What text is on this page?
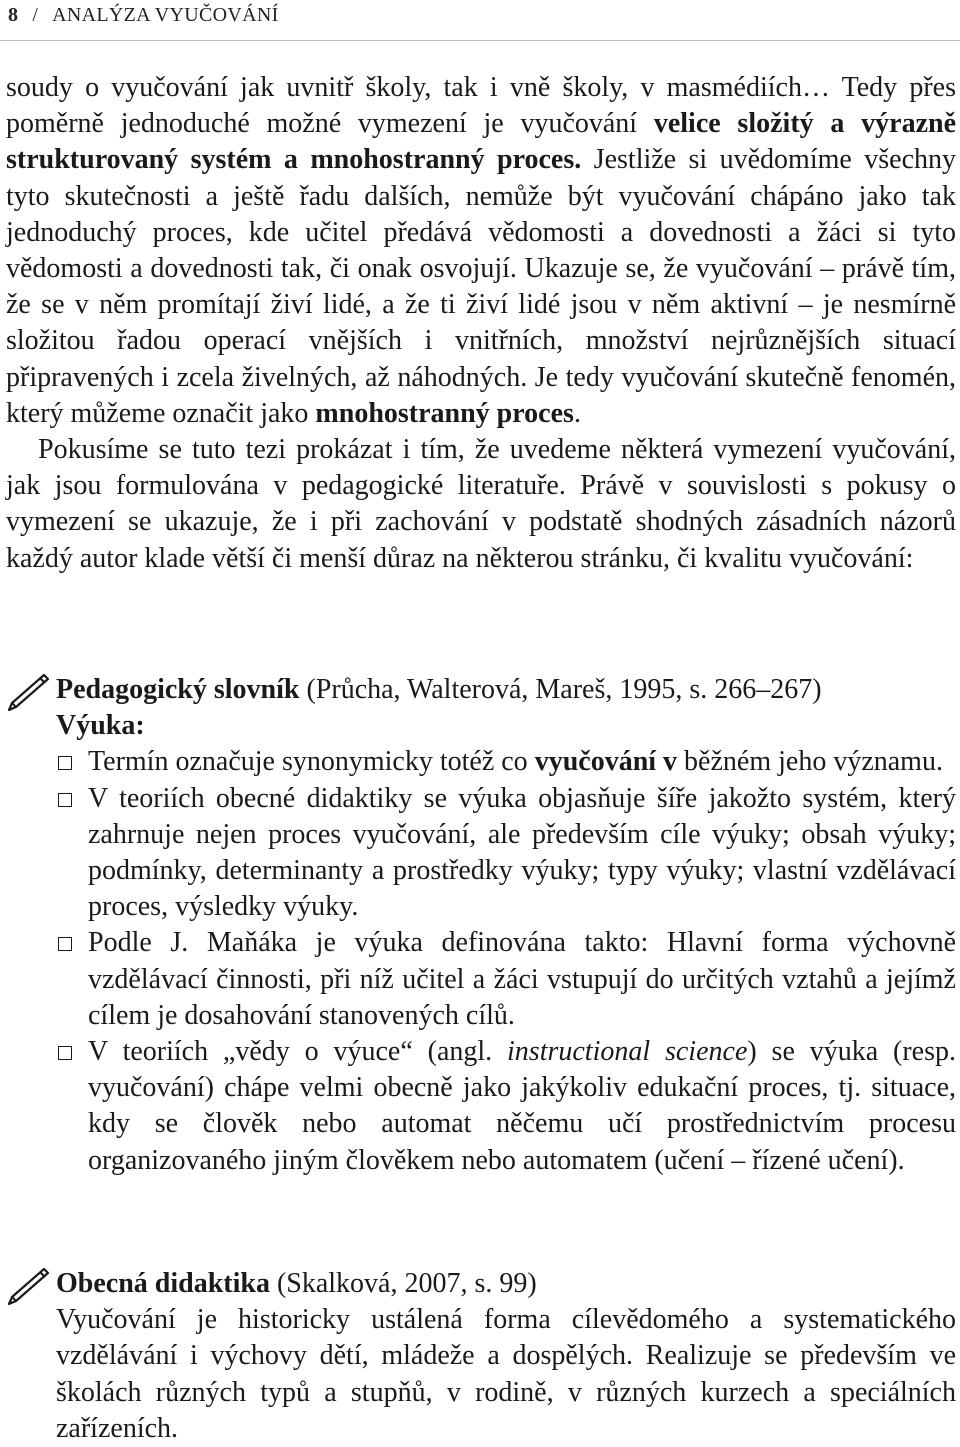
8 / ANALÝZA VYUČOVÁNÍ

soudy o vyučování jak uvnitř školy, tak i vně školy, v masmédiích… Tedy přes poměrně jednoduché možné vymezení je vyučování velice složitý a výrazně strukturovaný systém a mnohostranný proces. Jestliže si uvědomíme všechny tyto skutečnosti a ještě řadu dalších, nemůže být vyučování chápáno jako tak jednoduchý proces, kde učitel předává vědomosti a dovednosti a žáci si tyto vědomosti a dovednosti tak, či onak osvojují. Ukazuje se, že vyučování – právě tím, že se v něm promítají živí lidé, a že ti živí lidé jsou v něm aktivní – je nesmírně složitou řadou operací vnějších i vnitřních, množství nejrůznějších situací připravených i zcela živelných, až náhodných. Je tedy vyučování skutečně fenomén, který můžeme označit jako mnohostranný proces.

Pokusíme se tuto tezi prokázat i tím, že uvedeme některá vymezení vyučování, jak jsou formulována v pedagogické literatuře. Právě v souvislosti s pokusy o vymezení se ukazuje, že i při zachování v podstatě shodných zásadních názorů každý autor klade větší či menší důraz na některou stránku, či kvalitu vyučování:

Pedagogický slovník (Průcha, Walterová, Mareš, 1995, s. 266–267)
Výuka:
Termín označuje synonymicky totéž co vyučování v běžném jeho významu.
V teoriích obecné didaktiky se výuka objasňuje šíře jakožto systém, který zahrnuje nejen proces vyučování, ale především cíle výuky; obsah výuky; podmínky, determinanty a prostředky výuky; typy výuky; vlastní vzdělávací proces, výsledky výuky.
Podle J. Maňáka je výuka definována takto: Hlavní forma výchovně vzdělávací činnosti, při níž učitel a žáci vstupují do určitých vztahů a jejímž cílem je dosahování stanovených cílů.
V teoriích „vědy o výuce“ (angl. instructional science) se výuka (resp. vyučování) chápe velmi obecně jako jakýkoliv edukační proces, tj. situace, kdy se člověk nebo automat něčemu učí prostřednictvím procesu organizovaného jiným člověkem nebo automatem (učení – řízené učení).
Obecná didaktika (Skalková, 2007, s. 99)
Vyučování je historicky ustálená forma cílevědomého a systematického vzdělávání i výchovy dětí, mládeže a dospělých. Realizuje se především ve školách různých typů a stupňů, v rodině, v různých kurzech a speciálních zařízeních.
